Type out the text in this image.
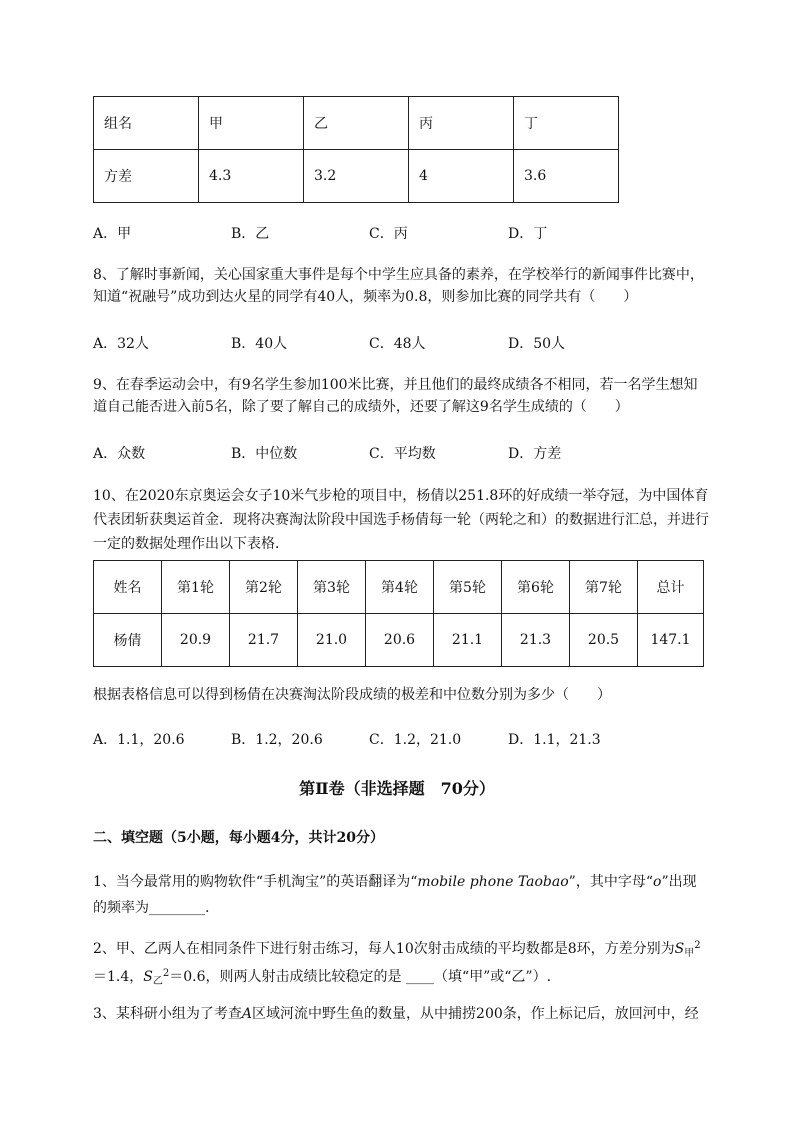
组名	甲	乙	丙	丁
方差	4.3	3.2	4	3.6
A．甲	B．乙	C．丙	D．丁
8、了解时事新闻，关心国家重大事件是每个中学生应具备的素养，在学校举行的新闻事件比赛中，
知道“祝融号”成功到达火星的同学有40人，频率为0.8，则参加比赛的同学共有（　　）
A．32人	B．40人	C．48人	D．50人
9、在春季运动会中，有9名学生参加100米比赛，并且他们的最终成绩各不相同，若一名学生想知
道自己能否进入前5名，除了要了解自己的成绩外，还要了解这9名学生成绩的（　　）
A．众数	B．中位数	C．平均数	D．方差
10、在2020东京奥运会女子10米气步枪的项目中，杨倩以251.8环的好成绩一举夺冠，为中国体育
代表团斩获奥运首金．现将决赛淘汰阶段中国选手杨倩每一轮（两轮之和）的数据进行汇总，并进行
一定的数据处理作出以下表格．
姓名	第1轮	第2轮	第3轮	第4轮	第5轮	第6轮	第7轮	总计
杨倩	20.9	21.7	21.0	20.6	21.1	21.3	20.5	147.1
根据表格信息可以得到杨倩在决赛淘汰阶段成绩的极差和中位数分别为多少（　　）
A．1.1，20.6	B．1.2，20.6	C．1.2，21.0	D．1.1，21.3
第Ⅱ卷（非选择题　70分）
二、填空题（5小题，每小题4分，共计20分）
1、当今最常用的购物软件“手机淘宝”的英语翻译为“mobile phone Taobao”，其中字母“o”出现
的频率为________.
2、甲、乙两人在相同条件下进行射击练习，每人10次射击成绩的平均数都是8环，方差分别为$S_甲^2$
＝1.4，$S_乙^2=0.6$，则两人射击成绩比较稳定的是 ____（填“甲”或“乙”）.
3、某科研小组为了考查A区域河流中野生鱼的数量，从中捕捞200条，作上标记后，放回河中，经
